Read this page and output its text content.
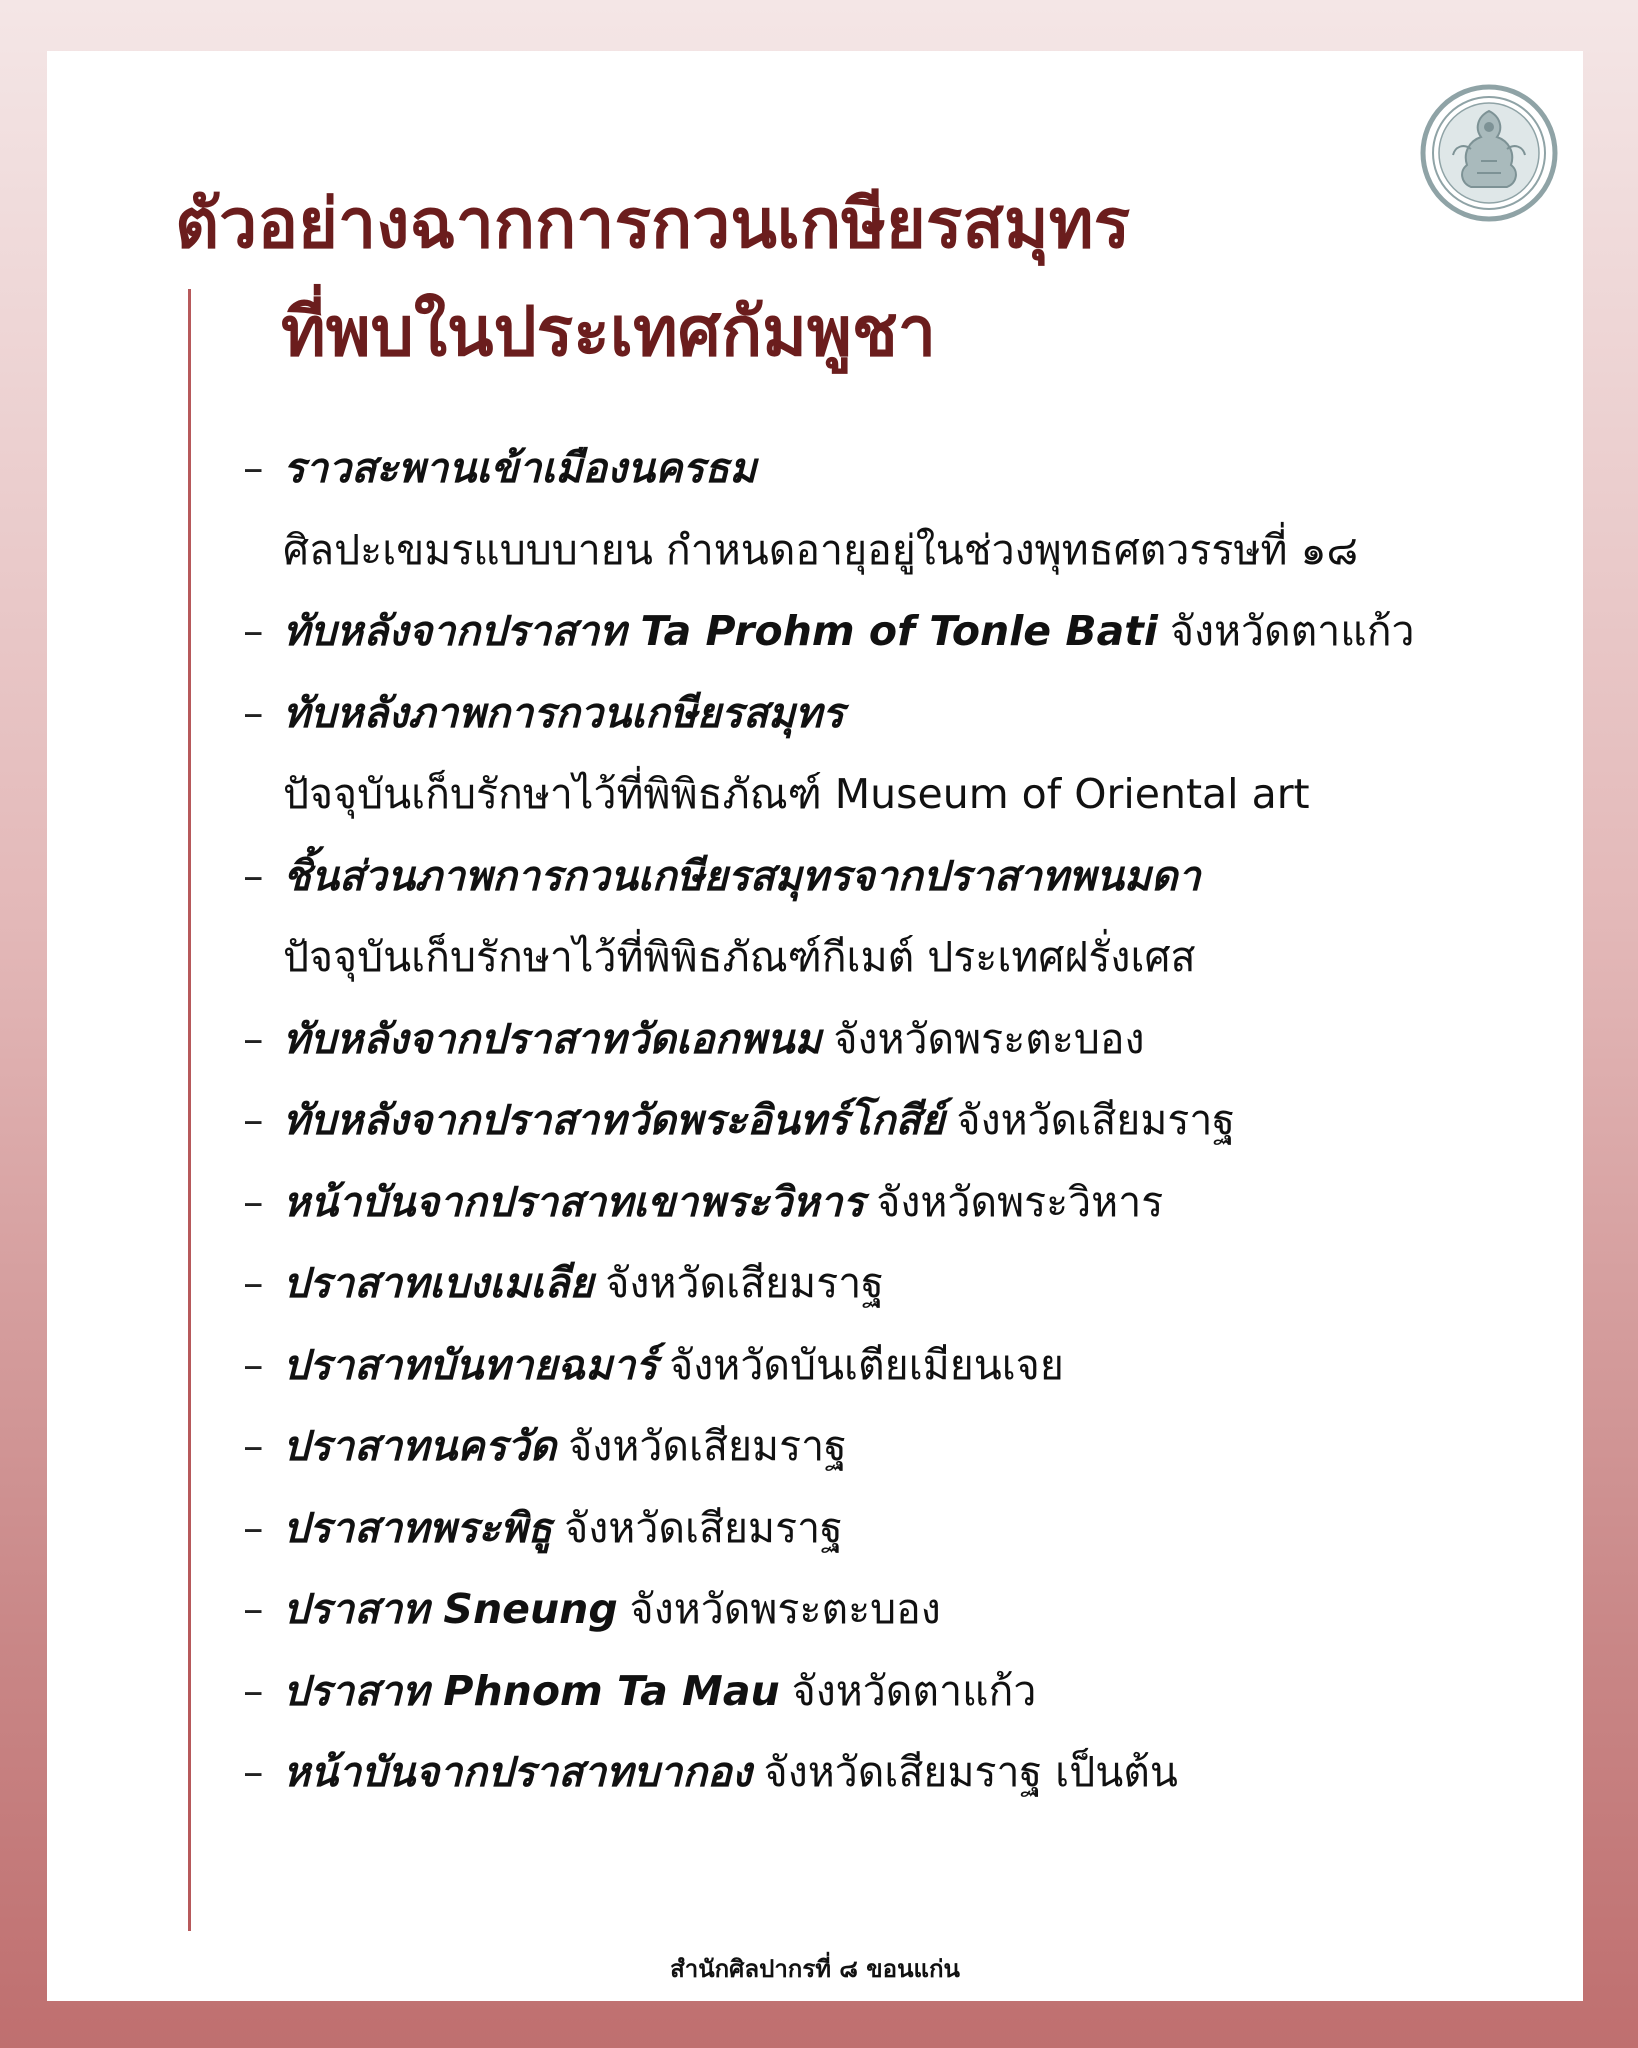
ตัวอย่างฉากการกวนเกษียรสมุทร
ที่พบในประเทศกัมพูชา
– ราวสะพานเข้าเมืองนครธม
ศิลปะเขมรแบบบายน กำหนดอายุอยู่ในช่วงพุทธศตวรรษที่ ๑๘
– ทับหลังจากปราสาท Ta Prohm of Tonle Bati จังหวัดตาแก้ว
– ทับหลังภาพการกวนเกษียรสมุทร
ปัจจุบันเก็บรักษาไว้ที่พิพิธภัณฑ์ Museum of Oriental art
– ชิ้นส่วนภาพการกวนเกษียรสมุทรจากปราสาทพนมดา
ปัจจุบันเก็บรักษาไว้ที่พิพิธภัณฑ์กีเมต์ ประเทศฝรั่งเศส
– ทับหลังจากปราสาทวัดเอกพนม จังหวัดพระตะบอง
– ทับหลังจากปราสาทวัดพระอินทร์โกสีย์ จังหวัดเสียมราฐ
– หน้าบันจากปราสาทเขาพระวิหาร จังหวัดพระวิหาร
– ปราสาทเบงเมเลีย จังหวัดเสียมราฐ
– ปราสาทบันทายฉมาร์ จังหวัดบันเตียเมียนเจย
– ปราสาทนครวัด จังหวัดเสียมราฐ
– ปราสาทพระพิธู จังหวัดเสียมราฐ
– ปราสาท Sneung จังหวัดพระตะบอง
– ปราสาท Phnom Ta Mau จังหวัดตาแก้ว
– หน้าบันจากปราสาทบากอง จังหวัดเสียมราฐ เป็นต้น
สำนักศิลปากรที่ ๘ ขอนแก่น
